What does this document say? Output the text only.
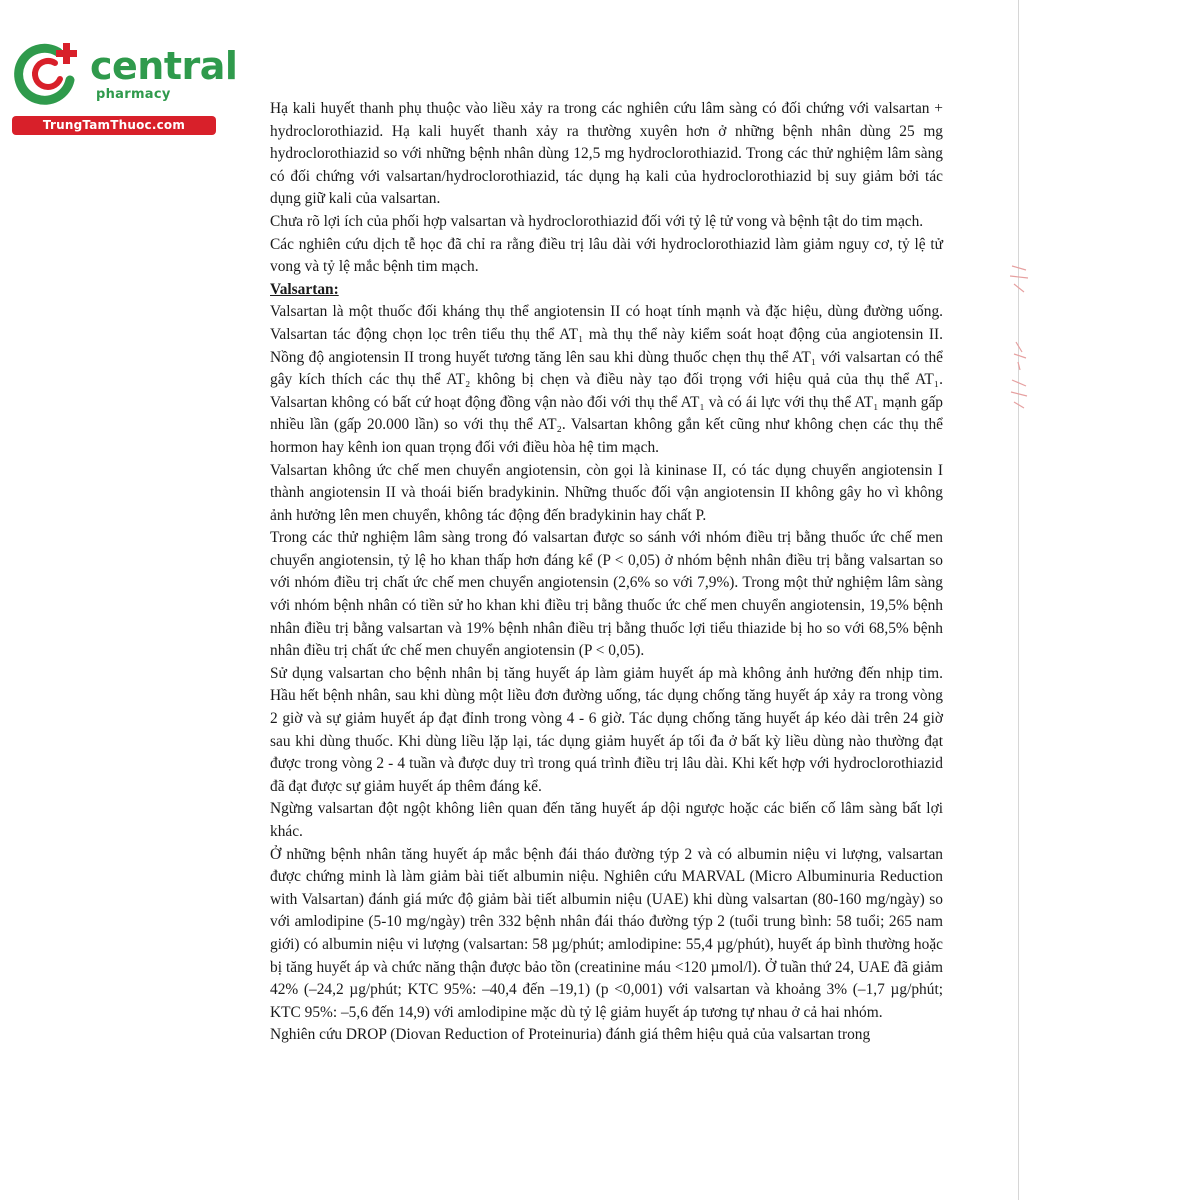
central
pharmacy
TrungTamThuoc.com

Hạ kali huyết thanh phụ thuộc vào liều xảy ra trong các nghiên cứu lâm sàng có đối chứng với valsartan + hydroclorothiazid. Hạ kali huyết thanh xảy ra thường xuyên hơn ở những bệnh nhân dùng 25 mg hydroclorothiazid so với những bệnh nhân dùng 12,5 mg hydroclorothiazid. Trong các thử nghiệm lâm sàng có đối chứng với valsartan/hydroclorothiazid, tác dụng hạ kali của hydroclorothiazid bị suy giảm bởi tác dụng giữ kali của valsartan.

Chưa rõ lợi ích của phối hợp valsartan và hydroclorothiazid đối với tỷ lệ tử vong và bệnh tật do tim mạch.

Các nghiên cứu dịch tễ học đã chỉ ra rằng điều trị lâu dài với hydroclorothiazid làm giảm nguy cơ, tỷ lệ tử vong và tỷ lệ mắc bệnh tim mạch.

Valsartan:

Valsartan là một thuốc đối kháng thụ thể angiotensin II có hoạt tính mạnh và đặc hiệu, dùng đường uống. Valsartan tác động chọn lọc trên tiểu thụ thể AT₁ mà thụ thể này kiểm soát hoạt động của angiotensin II. Nồng độ angiotensin II trong huyết tương tăng lên sau khi dùng thuốc chẹn thụ thể AT₁ với valsartan có thể gây kích thích các thụ thể AT₂ không bị chẹn và điều này tạo đối trọng với hiệu quả của thụ thể AT₁. Valsartan không có bất cứ hoạt động đồng vận nào đối với thụ thể AT₁ và có ái lực với thụ thể AT₁ mạnh gấp nhiều lần (gấp 20.000 lần) so với thụ thể AT₂. Valsartan không gắn kết cũng như không chẹn các thụ thể hormon hay kênh ion quan trọng đối với điều hòa hệ tim mạch.

Valsartan không ức chế men chuyển angiotensin, còn gọi là kininase II, có tác dụng chuyển angiotensin I thành angiotensin II và thoái biến bradykinin. Những thuốc đối vận angiotensin II không gây ho vì không ảnh hưởng lên men chuyển, không tác động đến bradykinin hay chất P.

Trong các thử nghiệm lâm sàng trong đó valsartan được so sánh với nhóm điều trị bằng thuốc ức chế men chuyển angiotensin, tỷ lệ ho khan thấp hơn đáng kể (P < 0,05) ở nhóm bệnh nhân điều trị bằng valsartan so với nhóm điều trị chất ức chế men chuyển angiotensin (2,6% so với 7,9%). Trong một thử nghiệm lâm sàng với nhóm bệnh nhân có tiền sử ho khan khi điều trị bằng thuốc ức chế men chuyển angiotensin, 19,5% bệnh nhân điều trị bằng valsartan và 19% bệnh nhân điều trị bằng thuốc lợi tiểu thiazide bị ho so với 68,5% bệnh nhân điều trị chất ức chế men chuyển angiotensin (P < 0,05).

Sử dụng valsartan cho bệnh nhân bị tăng huyết áp làm giảm huyết áp mà không ảnh hưởng đến nhịp tim. Hầu hết bệnh nhân, sau khi dùng một liều đơn đường uống, tác dụng chống tăng huyết áp xảy ra trong vòng 2 giờ và sự giảm huyết áp đạt đỉnh trong vòng 4 - 6 giờ. Tác dụng chống tăng huyết áp kéo dài trên 24 giờ sau khi dùng thuốc. Khi dùng liều lặp lại, tác dụng giảm huyết áp tối đa ở bất kỳ liều dùng nào thường đạt được trong vòng 2 - 4 tuần và được duy trì trong quá trình điều trị lâu dài. Khi kết hợp với hydroclorothiazid đã đạt được sự giảm huyết áp thêm đáng kể.

Ngừng valsartan đột ngột không liên quan đến tăng huyết áp dội ngược hoặc các biến cố lâm sàng bất lợi khác.

Ở những bệnh nhân tăng huyết áp mắc bệnh đái tháo đường týp 2 và có albumin niệu vi lượng, valsartan được chứng minh là làm giảm bài tiết albumin niệu. Nghiên cứu MARVAL (Micro Albuminuria Reduction with Valsartan) đánh giá mức độ giảm bài tiết albumin niệu (UAE) khi dùng valsartan (80-160 mg/ngày) so với amlodipine (5-10 mg/ngày) trên 332 bệnh nhân đái tháo đường týp 2 (tuổi trung bình: 58 tuổi; 265 nam giới) có albumin niệu vi lượng (valsartan: 58 µg/phút; amlodipine: 55,4 µg/phút), huyết áp bình thường hoặc bị tăng huyết áp và chức năng thận được bảo tồn (creatinine máu <120 µmol/l). Ở tuần thứ 24, UAE đã giảm 42% (–24,2 µg/phút; KTC 95%: –40,4 đến –19,1) (p <0,001) với valsartan và khoảng 3% (–1,7 µg/phút; KTC 95%: –5,6 đến 14,9) với amlodipine mặc dù tỷ lệ giảm huyết áp tương tự nhau ở cả hai nhóm.

Nghiên cứu DROP (Diovan Reduction of Proteinuria) đánh giá thêm hiệu quả của valsartan trong
